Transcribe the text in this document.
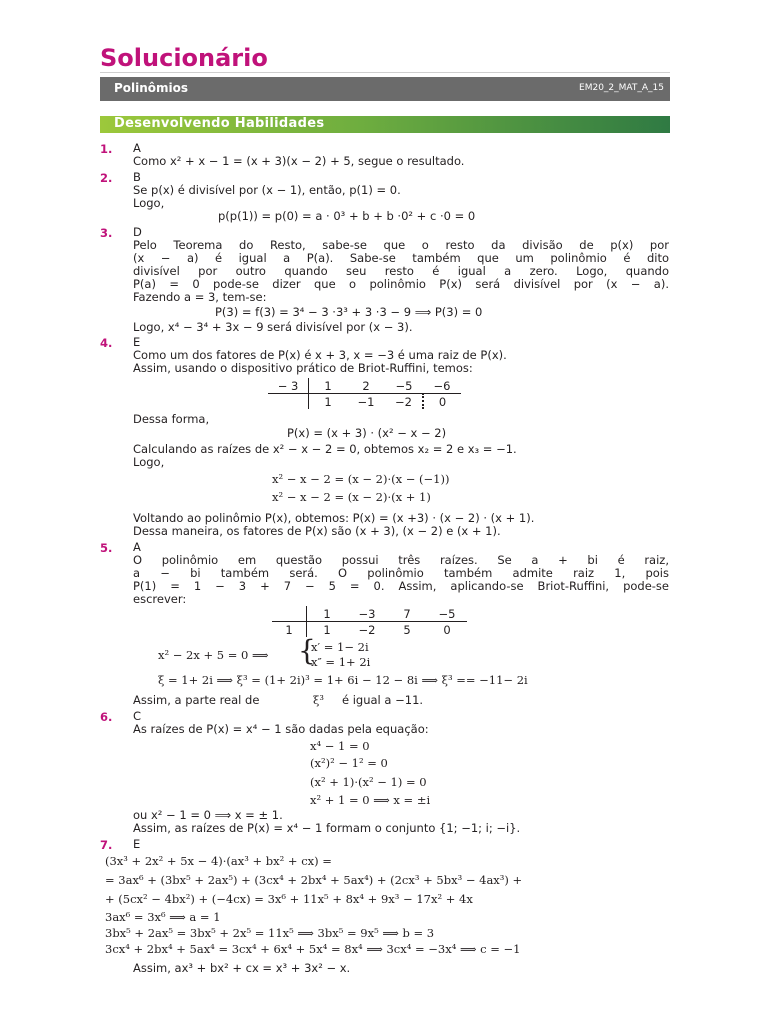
Solucionário
Polinômios	EM20_2_MAT_A_15
Desenvolvendo Habilidades
1. A
Como x² + x − 1 = (x + 3)(x − 2) + 5, segue o resultado.
2. B
Se p(x) é divisível por (x − 1), então, p(1) = 0.
Logo,
p(p(1)) = p(0) = a · 0³ + b + b ·0² + c ·0 = 0
3. D
Pelo Teorema do Resto, sabe-se que o resto da divisão de p(x) por
(x − a) é igual a P(a). Sabe-se também que um polinômio é dito
divisível por outro quando seu resto é igual a zero. Logo, quando
P(a) = 0 pode-se dizer que o polinômio P(x) será divisível por (x − a).
Fazendo a = 3, tem-se:
P(3) = f(3) = 3⁴ − 3 ·3³ + 3 ·3 − 9 ⟹ P(3) = 0
Logo, x⁴ − 3⁴ + 3x − 9 será divisível por (x − 3).
4. E
Como um dos fatores de P(x) é x + 3, x = −3 é uma raiz de P(x).
Assim, usando o dispositivo prático de Briot-Ruffini, temos:
− 3	1	2	−5	−6
	1	−1	−2	0
Dessa forma,
P(x) = (x + 3) · (x² − x − 2)
Calculando as raízes de x² − x − 2 = 0, obtemos x₂ = 2 e x₃ = −1.
Logo,
x² − x − 2 = (x − 2)·(x − (−1))
x² − x − 2 = (x − 2)·(x + 1)
Voltando ao polinômio P(x), obtemos: P(x) = (x +3) · (x − 2) · (x + 1).
Dessa maneira, os fatores de P(x) são (x + 3), (x − 2) e (x + 1).
5. A
O polinômio em questão possui três raízes. Se a + bi é raiz,
a − bi também será. O polinômio também admite raiz 1, pois
P(1) = 1 − 3 + 7 − 5 = 0. Assim, aplicando-se Briot-Ruffini, pode-se
escrever:
	1	−3	7	−5
1	1	−2	5	0
x² − 2x + 5 = 0 ⟹ {
x′ = 1− 2i
x″ = 1+ 2i
ξ = 1+ 2i ⟹ ξ³ = (1+ 2i)³ = 1+ 6i − 12 − 8i ⟹ ξ³ == −11− 2i
Assim, a parte real de	ξ³ é igual a −11.
6. C
As raízes de P(x) = x⁴ − 1 são dadas pela equação:
x⁴ − 1 = 0
(x²)² − 1² = 0
(x² + 1)·(x² − 1) = 0
x² + 1 = 0 ⟹ x = ±i
ou x² − 1 = 0 ⟹ x = ± 1.
Assim, as raízes de P(x) = x⁴ − 1 formam o conjunto {1; −1; i; −i}.
7. E
(3x³ + 2x² + 5x − 4)·(ax³ + bx² + cx) =
= 3ax⁶ + (3bx⁵ + 2ax⁵) + (3cx⁴ + 2bx⁴ + 5ax⁴) + (2cx³ + 5bx³ − 4ax³) +
+ (5cx² − 4bx²) + (−4cx) = 3x⁶ + 11x⁵ + 8x⁴ + 9x³ − 17x² + 4x
3ax⁶ = 3x⁶ ⟹ a = 1
3bx⁵ + 2ax⁵ = 3bx⁵ + 2x⁵ = 11x⁵ ⟹ 3bx⁵ = 9x⁵ ⟹ b = 3
3cx⁴ + 2bx⁴ + 5ax⁴ = 3cx⁴ + 6x⁴ + 5x⁴ = 8x⁴ ⟹ 3cx⁴ = −3x⁴ ⟹ c = −1
Assim, ax³ + bx² + cx = x³ + 3x² − x.
